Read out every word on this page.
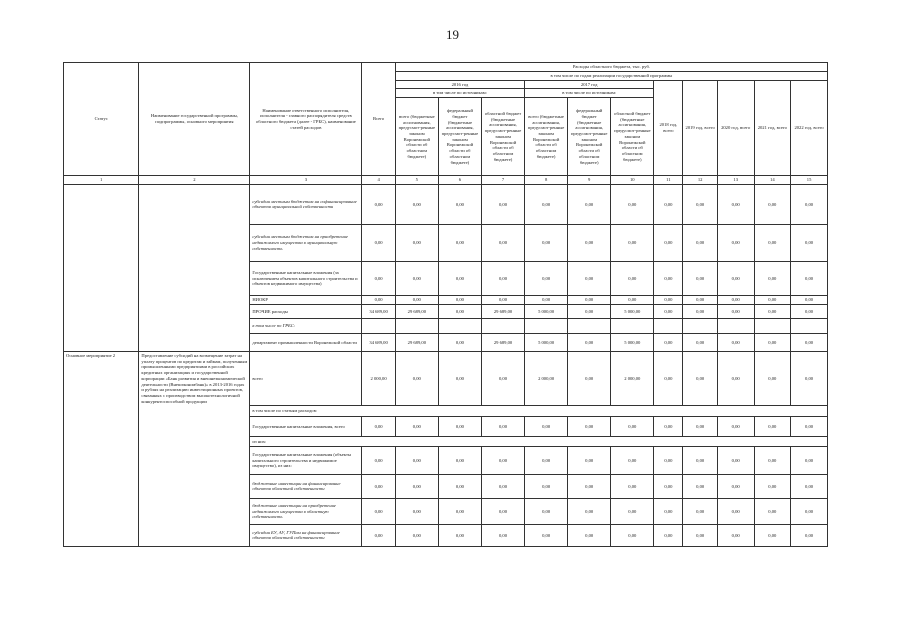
19
Статус	Наименование государственной программы, подпрограммы, основного мероприятия	Наименование ответственного исполнителя, исполнителя - главного распорядителя средств областного бюджета (далее - ГРБС), наименование статей расходов	Всего	Расходы областного бюджета, тыс. руб.										
				в том числе по годам реализации государственной программы										
				2016 год			2017 год			2018 год, всего	2019 год, всего	2020 год, всего	2021 год, всего	2022 год, всего
				в том числе по источникам:			в том числе по источникам:							
				всего (бюджетные ассигнования, предусмот-ренные законом Воронежской области об областном бюджете)	федеральный бюджет (бюджетные ассигнования, предусмот-ренные законом Воронежской области об областном бюджете)	областной бюджет (бюджетные ассигнования, предусмот-ренные законом Воронежской области об областном бюджете)	всего (бюджетные ассигнования, предусмот-ренные законом Воронежской области об областном бюджете)	федеральный бюджет (бюджетные ассигнования, предусмот-ренные законом Воронежской области об областном бюджете)	областной бюджет (бюджетные ассигнования, предусмот-ренные законом Воронежской области об областном бюджете)					
1	2	3	4	5	6	7	8	9	10	11	12	13	14	15
		субсидии местным бюджетам на софинансирование объектов муниципальной собственности	0,00	0,00	0,00	0,00	0,00	0,00	0,00	0,00	0,00	0,00	0,00	0,00
		субсидии местным бюджетам на приобретение недвижимого имущества в муниципальную собственность	0,00	0,00	0,00	0,00	0,00	0,00	0,00	0,00	0,00	0,00	0,00	0,00
		Государственные капитальные вложения (за исключением объектов капитального строительства и объектов недвижимого имущества)	0,00	0,00	0,00	0,00	0,00	0,00	0,00	0,00	0,00	0,00	0,00	0,00
		НИОКР	0,00	0,00	0,00	0,00	0,00	0,00	0,00	0,00	0,00	0,00	0,00	0,00
		ПРОЧИЕ расходы	34 689,00	29 689,00	0,00	29 689,00	5 000,00	0,00	5 000,00	0,00	0,00	0,00	0,00	0,00
		в том числе по ГРБС:												
		департамент промышленности Воронежской области	34 689,00	29 689,00	0,00	29 689,00	5 000,00	0,00	5 000,00	0,00	0,00	0,00	0,00	0,00
Основное мероприятие 2	Предоставление субсидий на возмещение затрат на уплату процентов по кредитам и займам, полученным промышленными предприятиями в российских кредитных организациях и государственной корпорации «Банк развития и внешнеэкономической деятельности (Внешэкономбанк)» в 2013-2016 годах и рублях на реализацию инвестиционных проектов, связанных с производством высокотехнологичной конкурентоспособной продукции	всего	2 000,00	0,00	0,00	0,00	2 000,00	0,00	2 000,00	0,00	0,00	0,00	0,00	0,00
		в том числе по статьям расходов:												
		Государственные капитальные вложения, всего	0,00	0,00	0,00	0,00	0,00	0,00	0,00	0,00	0,00	0,00	0,00	0,00
		из них:												
		Государственные капитальные вложения (объекты капитального строительства и недвижимое имущество), из них:	0,00	0,00	0,00	0,00	0,00	0,00	0,00	0,00	0,00	0,00	0,00	0,00
		бюджетные инвестиции на финансирование объектов областной собственности	0,00	0,00	0,00	0,00	0,00	0,00	0,00	0,00	0,00	0,00	0,00	0,00
		бюджетные инвестиции на приобретение недвижимого имущества в областную собственность	0,00	0,00	0,00	0,00	0,00	0,00	0,00	0,00	0,00	0,00	0,00	0,00
		субсидии БУ, АУ, ГУПам на финансирование объектов областной собственности	0,00	0,00	0,00	0,00	0,00	0,00	0,00	0,00	0,00	0,00	0,00	0,00
